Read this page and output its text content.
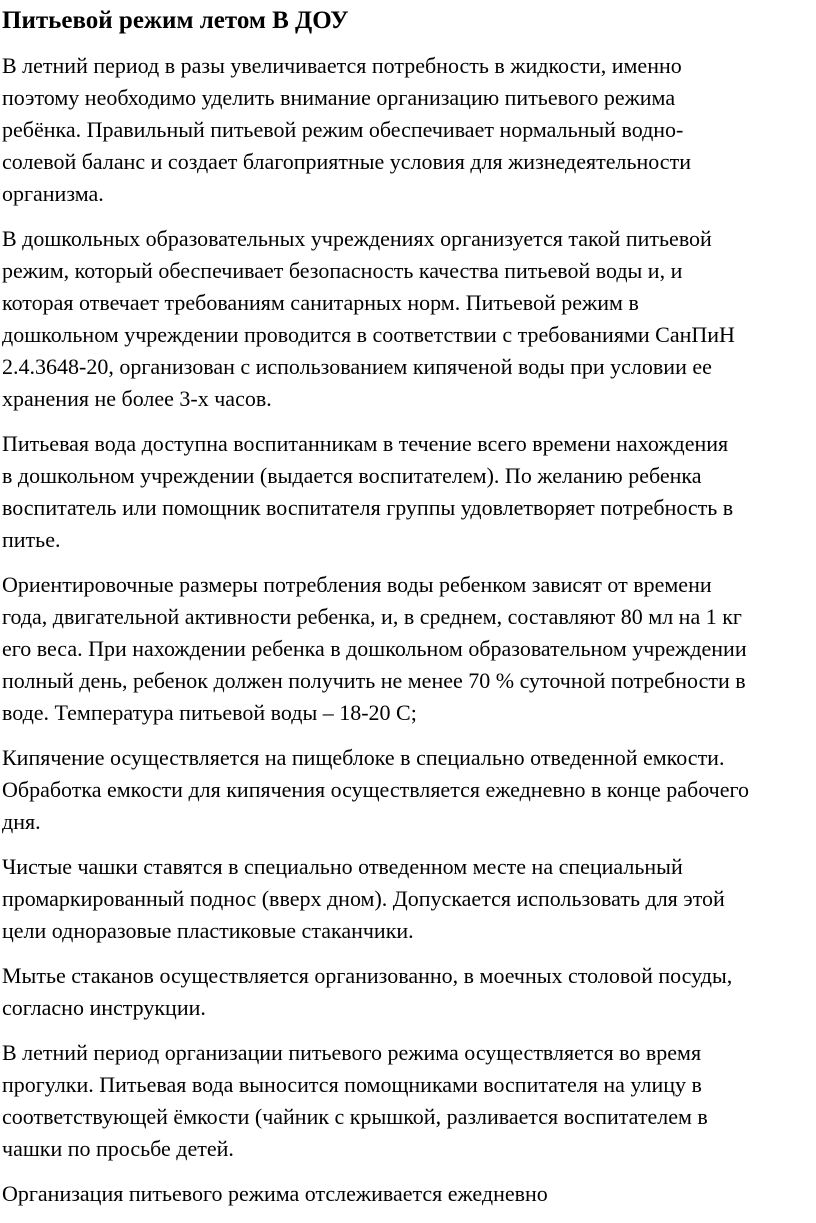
Питьевой режим летом В ДОУ

В летний период в разы увеличивается потребность в жидкости, именно
поэтому необходимо уделить внимание организацию питьевого режима
ребёнка. Правильный питьевой режим обеспечивает нормальный водно-
солевой баланс и создает благоприятные условия для жизнедеятельности
организма.

В дошкольных образовательных учреждениях организуется такой питьевой
режим, который обеспечивает безопасность качества питьевой воды и, и
которая отвечает требованиям санитарных норм. Питьевой режим в
дошкольном учреждении проводится в соответствии с требованиями СанПиН
2.4.3648-20, организован с использованием кипяченой воды при условии ее
хранения не более 3-х часов.

Питьевая вода доступна воспитанникам в течение всего времени нахождения
в дошкольном учреждении (выдается воспитателем). По желанию ребенка
воспитатель или помощник воспитателя группы удовлетворяет потребность в
питье.

Ориентировочные размеры потребления воды ребенком зависят от времени
года, двигательной активности ребенка, и, в среднем, составляют 80 мл на 1 кг
его веса. При нахождении ребенка в дошкольном образовательном учреждении
полный день, ребенок должен получить не менее 70 % суточной потребности в
воде. Температура питьевой воды – 18-20 С;

Кипячение осуществляется на пищеблоке в специально отведенной емкости.
Обработка емкости для кипячения осуществляется ежедневно в конце рабочего
дня.

Чистые чашки ставятся в специально отведенном месте на специальный
промаркированный поднос (вверх дном). Допускается использовать для этой
цели одноразовые пластиковые стаканчики.

Мытье стаканов осуществляется организованно, в моечных столовой посуды,
согласно инструкции.

В летний период организации питьевого режима осуществляется во время
прогулки. Питьевая вода выносится помощниками воспитателя на улицу в
соответствующей ёмкости (чайник с крышкой, разливается воспитателем в
чашки по просьбе детей.

Организация питьевого режима отслеживается ежедневно
